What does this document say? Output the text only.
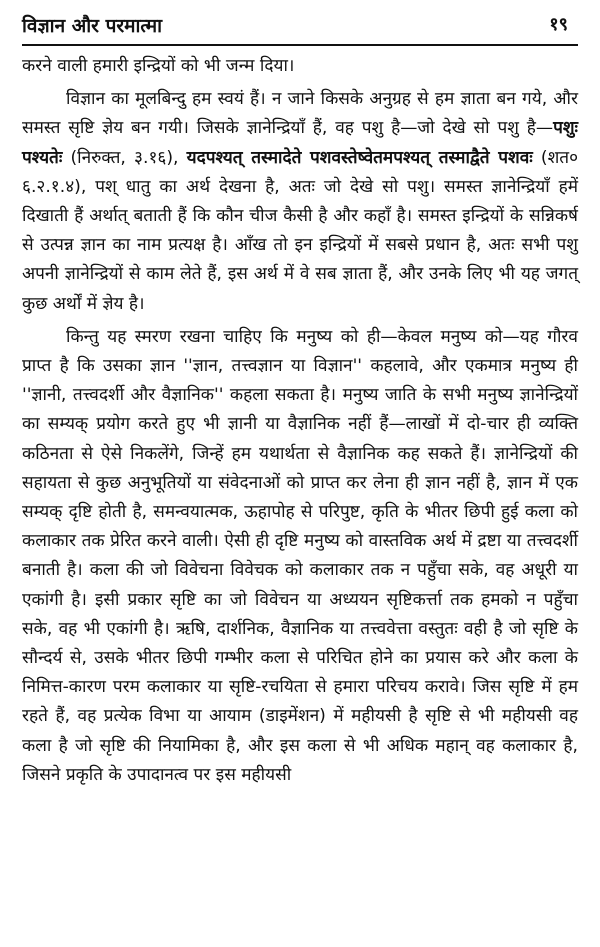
विज्ञान और परमात्मा	१९

करने वाली हमारी इन्द्रियों को भी जन्म दिया।

विज्ञान का मूलबिन्दु हम स्वयं हैं। न जाने किसके अनुग्रह से हम ज्ञाता बन गये, और समस्त सृष्टि ज्ञेय बन गयी। जिसके ज्ञानेन्द्रियाँ हैं, वह पशु है—जो देखे सो पशु है—पशुः पश्यतेः (निरुक्त, ३.१६), यदपश्यत् तस्मादेते पशवस्तेष्वेतमपश्यत् तस्माद्वैते पशवः (शत० ६.२.१.४), पश् धातु का अर्थ देखना है, अतः जो देखे सो पशु। समस्त ज्ञानेन्द्रियाँ हमें दिखाती हैं अर्थात् बताती हैं कि कौन चीज कैसी है और कहाँ है। समस्त इन्द्रियों के सन्निकर्ष से उत्पन्न ज्ञान का नाम प्रत्यक्ष है। आँख तो इन इन्द्रियों में सबसे प्रधान है, अतः सभी पशु अपनी ज्ञानेन्द्रियों से काम लेते हैं, इस अर्थ में वे सब ज्ञाता हैं, और उनके लिए भी यह जगत् कुछ अर्थों में ज्ञेय है।

किन्तु यह स्मरण रखना चाहिए कि मनुष्य को ही—केवल मनुष्य को—यह गौरव प्राप्त है कि उसका ज्ञान ''ज्ञान, तत्त्वज्ञान या विज्ञान'' कहलावे, और एकमात्र मनुष्य ही ''ज्ञानी, तत्त्वदर्शी और वैज्ञानिक'' कहला सकता है। मनुष्य जाति के सभी मनुष्य ज्ञानेन्द्रियों का सम्यक् प्रयोग करते हुए भी ज्ञानी या वैज्ञानिक नहीं हैं—लाखों में दो-चार ही व्यक्ति कठिनता से ऐसे निकलेंगे, जिन्हें हम यथार्थता से वैज्ञानिक कह सकते हैं। ज्ञानेन्द्रियों की सहायता से कुछ अनुभूतियों या संवेदनाओं को प्राप्त कर लेना ही ज्ञान नहीं है, ज्ञान में एक सम्यक् दृष्टि होती है, समन्वयात्मक, ऊहापोह से परिपुष्ट, कृति के भीतर छिपी हुई कला को कलाकार तक प्रेरित करने वाली। ऐसी ही दृष्टि मनुष्य को वास्तविक अर्थ में द्रष्टा या तत्त्वदर्शी बनाती है। कला की जो विवेचना विवेचक को कलाकार तक न पहुँचा सके, वह अधूरी या एकांगी है। इसी प्रकार सृष्टि का जो विवेचन या अध्ययन सृष्टिकर्त्ता तक हमको न पहुँचा सके, वह भी एकांगी है। ऋषि, दार्शनिक, वैज्ञानिक या तत्त्ववेत्ता वस्तुतः वही है जो सृष्टि के सौन्दर्य से, उसके भीतर छिपी गम्भीर कला से परिचित होने का प्रयास करे और कला के निमित्त-कारण परम कलाकार या सृष्टि-रचयिता से हमारा परिचय करावे। जिस सृष्टि में हम रहते हैं, वह प्रत्येक विभा या आयाम (डाइमेंशन) में महीयसी है सृष्टि से भी महीयसी वह कला है जो सृष्टि की नियामिका है, और इस कला से भी अधिक महान् वह कलाकार है, जिसने प्रकृति के उपादानत्व पर इस महीयसी
